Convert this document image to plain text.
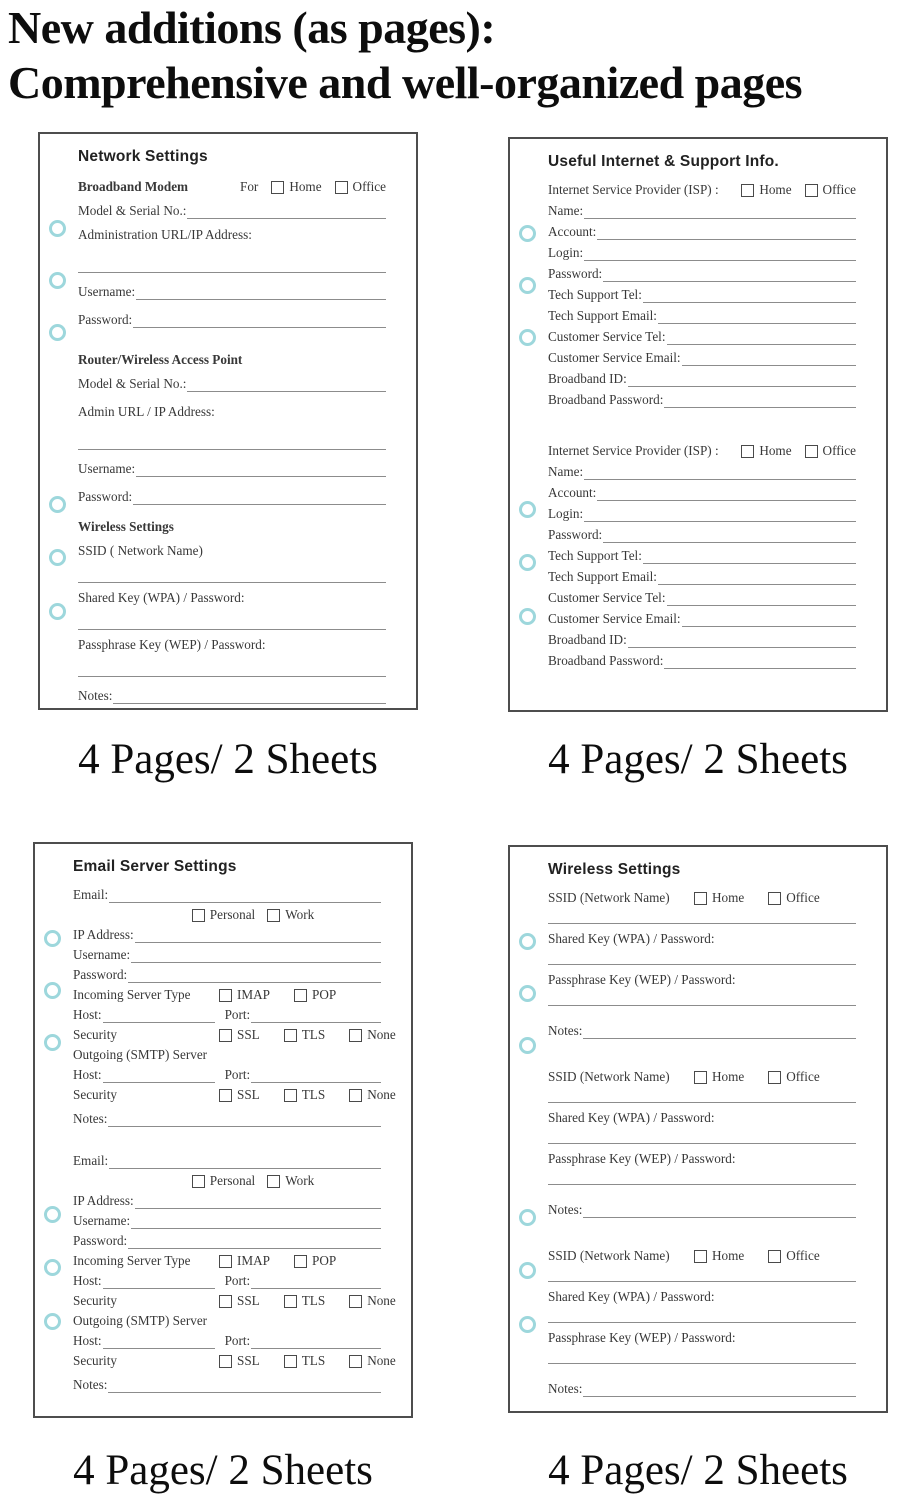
New additions (as pages):
Comprehensive and well-organized pages
Network Settings
Broadband Modem	For Home Office
Model & Serial No.:
Administration URL/IP Address:
Username:
Password:
Router/Wireless Access Point
Model & Serial No.:
Admin URL / IP Address:
Username:
Password:
Wireless Settings
SSID ( Network Name)
Shared Key (WPA) / Password:
Passphrase Key (WEP) / Password:
Notes:
Useful Internet & Support Info.
Internet Service Provider (ISP) :	Home Office
Name:
Account:
Login:
Password:
Tech Support Tel:
Tech Support Email:
Customer Service Tel:
Customer Service Email:
Broadband ID:
Broadband Password:
Internet Service Provider (ISP) :	Home Office
Name:
Account:
Login:
Password:
Tech Support Tel:
Tech Support Email:
Customer Service Tel:
Customer Service Email:
Broadband ID:
Broadband Password:
Email Server Settings
Email:
Personal Work
IP Address:
Username:
Password:
Incoming Server Type	IMAP	POP
Host:	Port:
Security	SSL	TLS	None
Outgoing (SMTP) Server
Host:	Port:
Security	SSL	TLS	None
Notes:
Email:
Personal Work
IP Address:
Username:
Password:
Incoming Server Type	IMAP	POP
Host:	Port:
Security	SSL	TLS	None
Outgoing (SMTP) Server
Host:	Port:
Security	SSL	TLS	None
Notes:
Wireless Settings
SSID (Network Name)	Home	Office
Shared Key (WPA) / Password:
Passphrase Key (WEP) / Password:
Notes:
SSID (Network Name)	Home	Office
Shared Key (WPA) / Password:
Passphrase Key (WEP) / Password:
Notes:
SSID (Network Name)	Home	Office
Shared Key (WPA) / Password:
Passphrase Key (WEP) / Password:
Notes:
4 Pages/ 2 Sheets	4 Pages/ 2 Sheets
4 Pages/ 2 Sheets	4 Pages/ 2 Sheets
